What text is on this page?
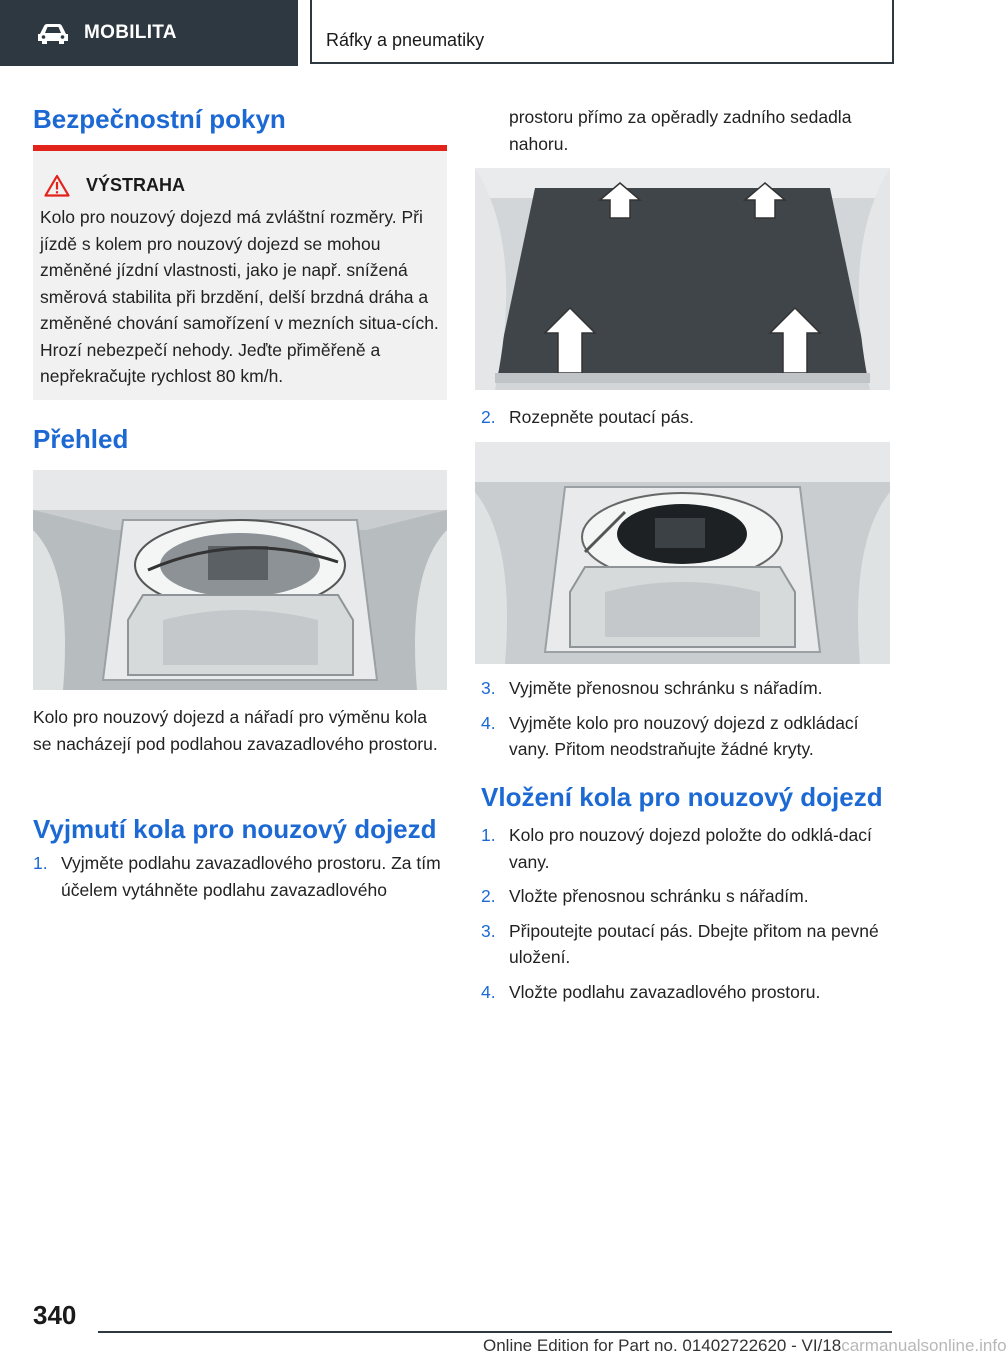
MOBILITA	Ráfky a pneumatiky
Bezpečnostní pokyn
VÝSTRAHA
Kolo pro nouzový dojezd má zvláštní rozměry. Při jízdě s kolem pro nouzový dojezd se mohou změněné jízdní vlastnosti, jako je např. snížená směrová stabilita při brzdění, delší brzdná dráha a změněné chování samořízení v mezních situa-cích. Hrozí nebezpečí nehody. Jeďte přiměřeně a nepřekračujte rychlost 80 km/h.
Přehled
Kolo pro nouzový dojezd a nářadí pro výměnu kola se nacházejí pod podlahou zavazadlového prostoru.
Vyjmutí kola pro nouzový dojezd
1. Vyjměte podlahu zavazadlového prostoru. Za tím účelem vytáhněte podlahu zavazadlového
prostoru přímo za opěradly zadního sedadla nahoru.
2. Rozepněte poutací pás.
3. Vyjměte přenosnou schránku s nářadím.
4. Vyjměte kolo pro nouzový dojezd z odkládací vany. Přitom neodstraňujte žádné kryty.
Vložení kola pro nouzový dojezd
1. Kolo pro nouzový dojezd položte do odklá-dací vany.
2. Vložte přenosnou schránku s nářadím.
3. Připoutejte poutací pás. Dbejte přitom na pevné uložení.
4. Vložte podlahu zavazadlového prostoru.
340
Online Edition for Part no. 01402722620 - VI/18carmanualsonline.info
